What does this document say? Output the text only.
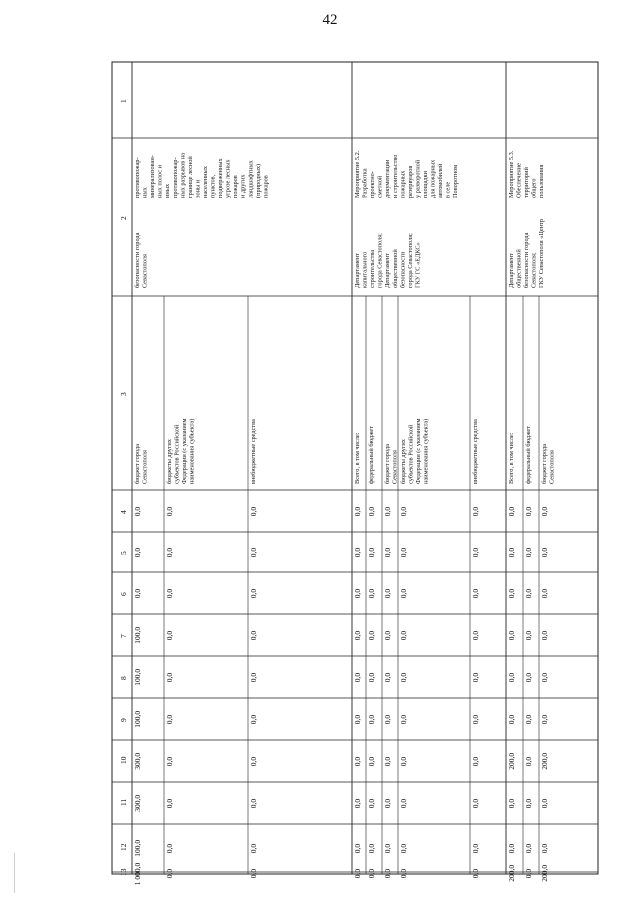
42
1
2
3
4
5
6
7
8
9
10
11
12
13
противопожар- ных минерализован- ных полос и иных противопожар- ных разрывов на границе лесной зоны и населенных пунктов, подверженных угрозе лесных пожаров и других ландшафтных (природных) пожаров
безопасности города Севастополя
бюджет города Севастополя
0,0
0,0
0,0
100,0
100,0
100,0
300,0
300,0
100,0
1 000,0
бюджеты других субъектов Российской Федерации (с указанием наименования субъекта)
0,0
0,0
0,0
0,0
0,0
0,0
0,0
0,0
0,0
0,0
внебюджетные средства
0,0
0,0
0,0
0,0
0,0
0,0
0,0
0,0
0,0
0,0
Мероприятие 5.2. Разработка проектно- сметной документации и строительство пожарных резервуаров у разворотной площадки для пожарных автомобилей в селе Поворотном
Департамент капитального строительства города Севастополя; Департамент общественной безопасности города Севастополя; ГКУ ГС «ЕДКС»
Всего, в том числе:
0,0
0,0
0,0
0,0
0,0
0,0
0,0
0,0
0,0
0,0
федеральный бюджет
0,0
0,0
0,0
0,0
0,0
0,0
0,0
0,0
0,0
0,0
бюджет города Севастополя
0,0
0,0
0,0
0,0
0,0
0,0
0,0
0,0
0,0
0,0
бюджеты других субъектов Российской Федерации (с указанием наименования субъекта)
0,0
0,0
0,0
0,0
0,0
0,0
0,0
0,0
0,0
0,0
внебюджетные средства
0,0
0,0
0,0
0,0
0,0
0,0
0,0
0,0
0,0
0,0
Мероприятие 5.3. Обеспечение территорий общего пользования
Департамент общественной безопасности города Севастополя; ГКУ Севастополя «Центр
Всего, в том числе:
0,0
0,0
0,0
0,0
0,0
0,0
200,0
0,0
0,0
200,0
федеральный бюджет
0,0
0,0
0,0
0,0
0,0
0,0
0,0
0,0
0,0
0,0
бюджет города Севастополя
0,0
0,0
0,0
0,0
0,0
0,0
200,0
0,0
0,0
200,0
